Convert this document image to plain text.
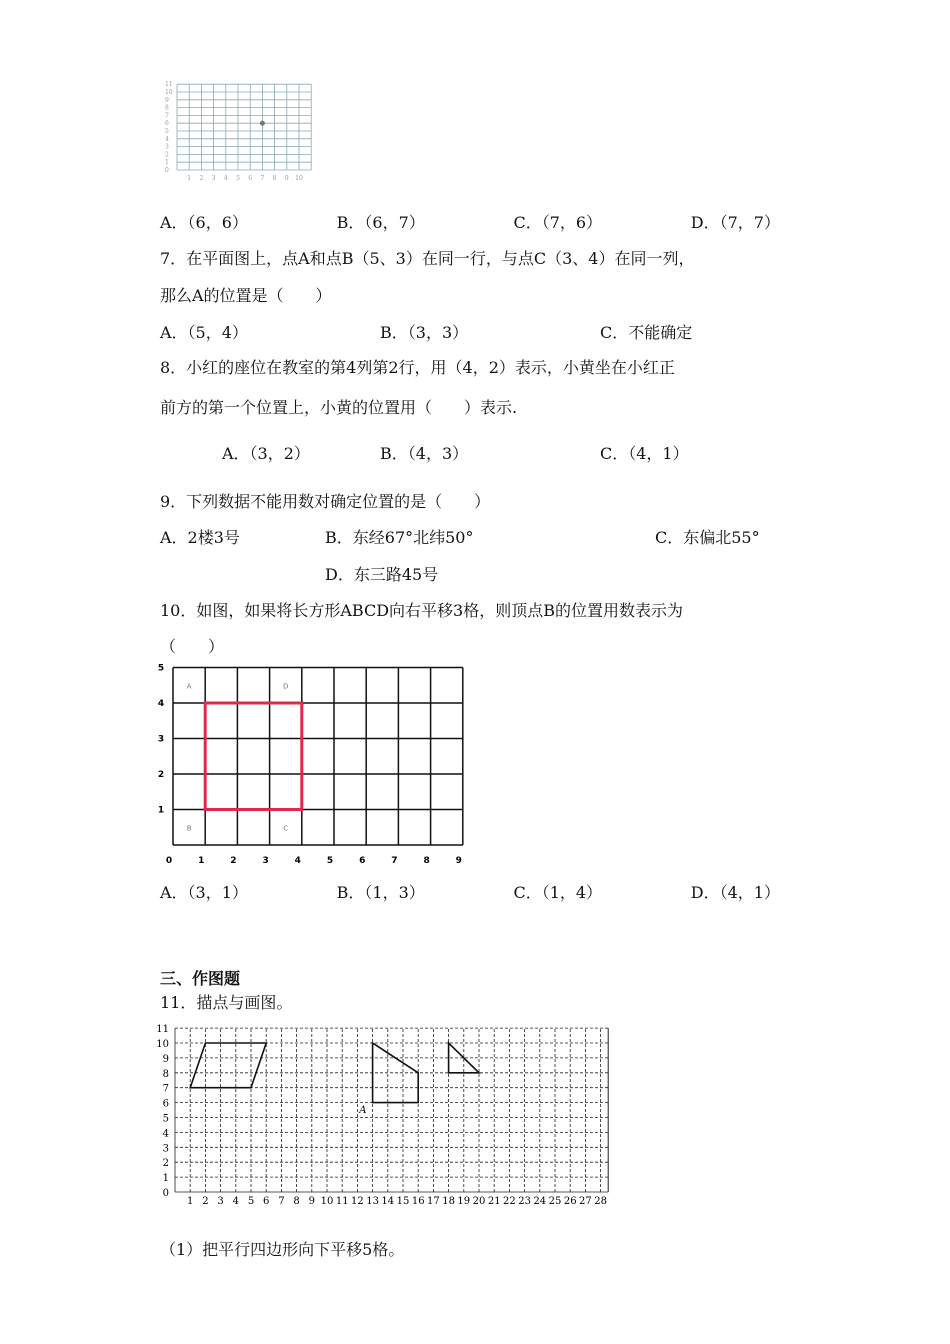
1 2 3 4 5 6 7 8 9 10
0
1
2
3
4
5
6
7
8
9
10
11
A．（6，6）	B．（6，7）	C．（7，6）	D．（7，7）
7．在平面图上，点A和点B（5、3）在同一行，与点C（3、4）在同一列，
那么A的位置是（　　）
A．（5，4）	B．（3，3）	C．不能确定
8．小红的座位在教室的第4列第2行，用（4，2）表示，小黄坐在小红正
前方的第一个位置上，小黄的位置用（　　）表示.
A．（3，2）	B．（4，3）	C．（4，1）
9．下列数据不能用数对确定位置的是（　　）
A．2楼3号	B．东经67°北纬50°	C．东偏北55°
D．东三路45号
10．如图，如果将长方形ABCD向右平移3格，则顶点B的位置用数表示为
（　　）
0	1	2	3	4	5	6	7	8	9
1
2
3
4
5
A	D
B	C
A．（3，1）	B．（1，3）	C．（1，4）	D．（4，1）
三、作图题
11．描点与画图。
1 2 3 4 5 6 7 8 9 10 11 12 13 14 15 16 17 18 19 20 21 22 23 24 25 26 27 28
0
1
2
3
4
5
6
7
8
9
10
11
A
（1）把平行四边形向下平移5格。
